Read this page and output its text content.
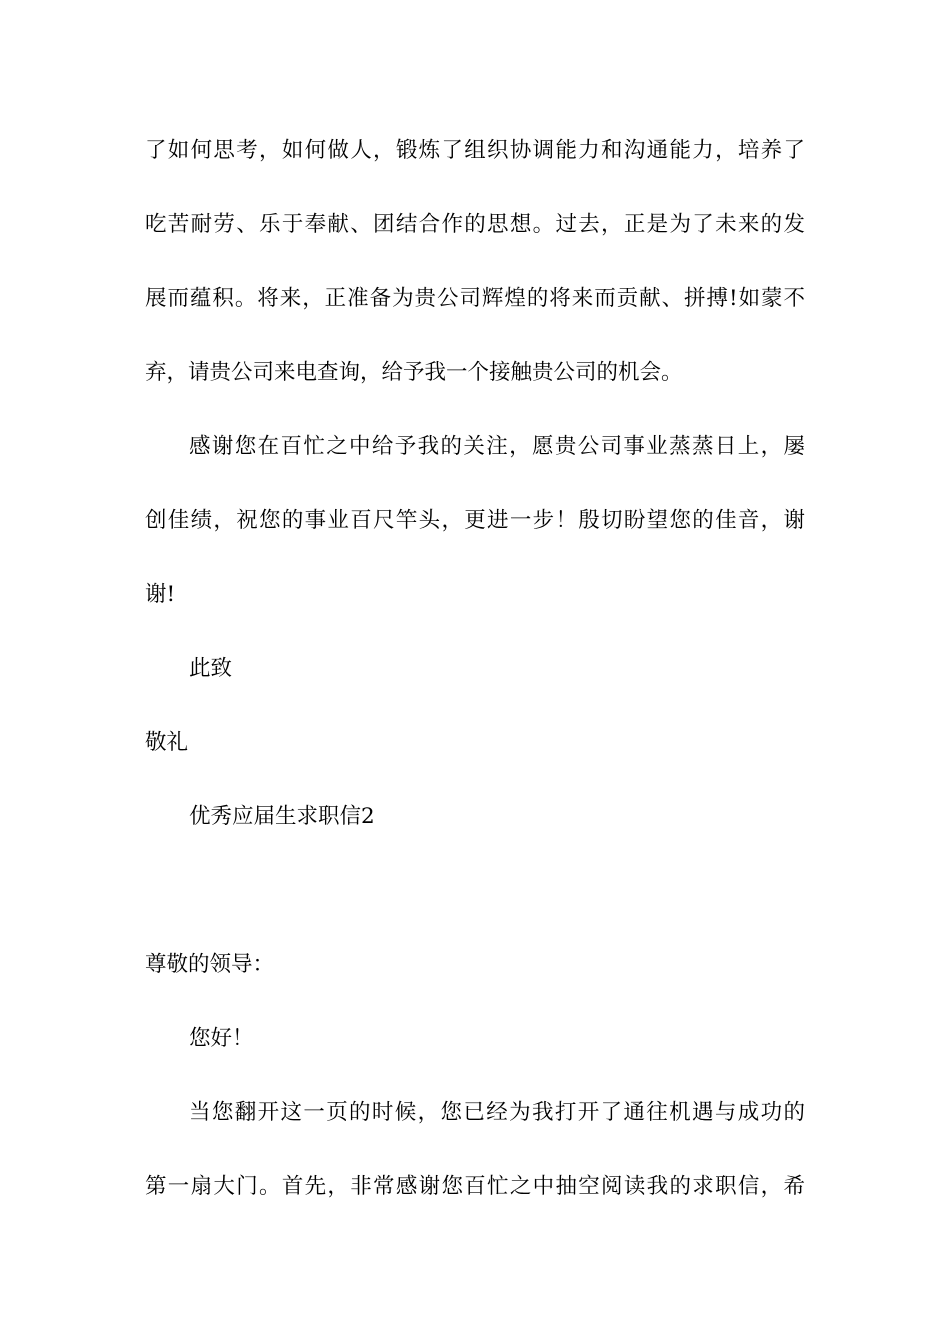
了如何思考，如何做人，锻炼了组织协调能力和沟通能力，培养了
吃苦耐劳、乐于奉献、团结合作的思想。过去，正是为了未来的发
展而蕴积。将来，正准备为贵公司辉煌的将来而贡献、拼搏!如蒙不
弃，请贵公司来电查询，给予我一个接触贵公司的机会。
感谢您在百忙之中给予我的关注，愿贵公司事业蒸蒸日上，屡
创佳绩，祝您的事业百尺竿头，更进一步！殷切盼望您的佳音，谢
谢!
此致
敬礼
优秀应届生求职信2
尊敬的领导：
您好！
当您翻开这一页的时候，您已经为我打开了通往机遇与成功的
第一扇大门。首先，非常感谢您百忙之中抽空阅读我的求职信，希
